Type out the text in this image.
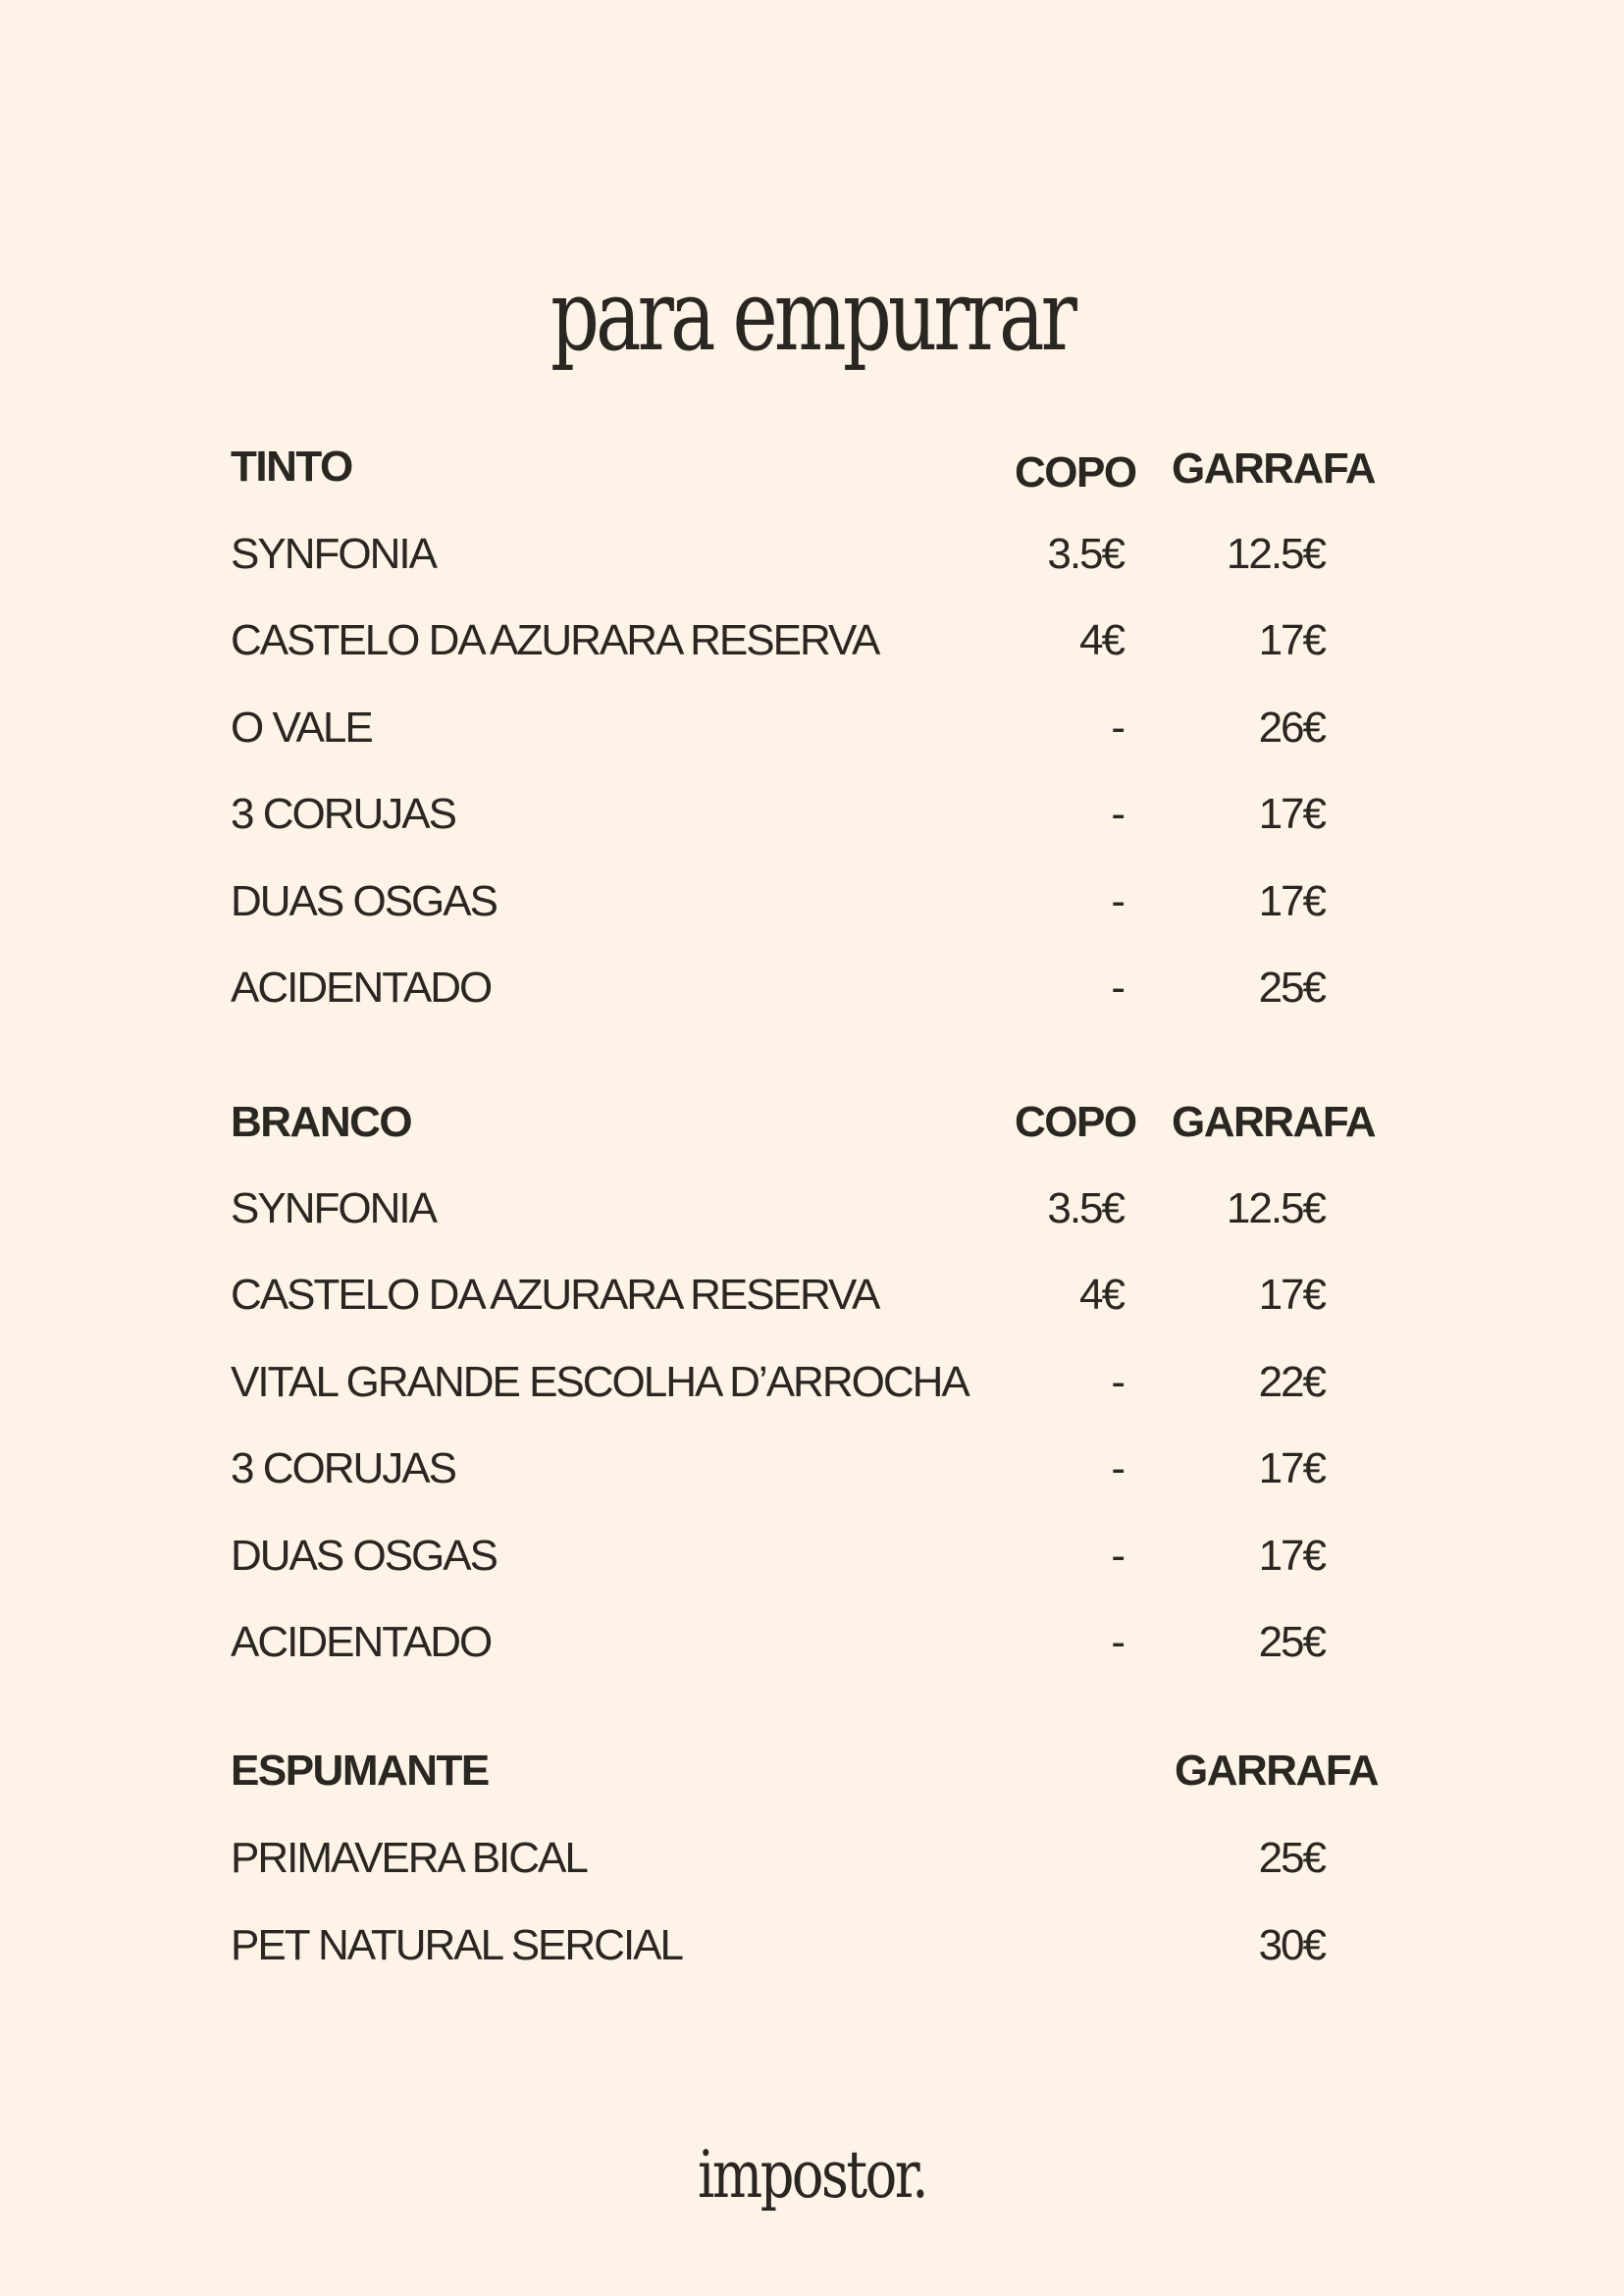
para empurrar
TINTO	COPO GARRAFA
SYNFONIA	3.5€ 12.5€
CASTELO DA AZURARA RESERVA	4€	17€
O VALE	-	26€
3 CORUJAS	-	17€
DUAS OSGAS	-	17€
ACIDENTADO	-	25€
BRANCO	COPO GARRAFA
SYNFONIA	3.5€ 12.5€
CASTELO DA AZURARA RESERVA	4€	17€
VITAL GRANDE ESCOLHA D’ARROCHA	-	22€
3 CORUJAS	-	17€
DUAS OSGAS	-	17€
ACIDENTADO	-	25€
ESPUMANTE	GARRAFA
PRIMAVERA BICAL	25€
PET NATURAL SERCIAL	30€
impostor.
